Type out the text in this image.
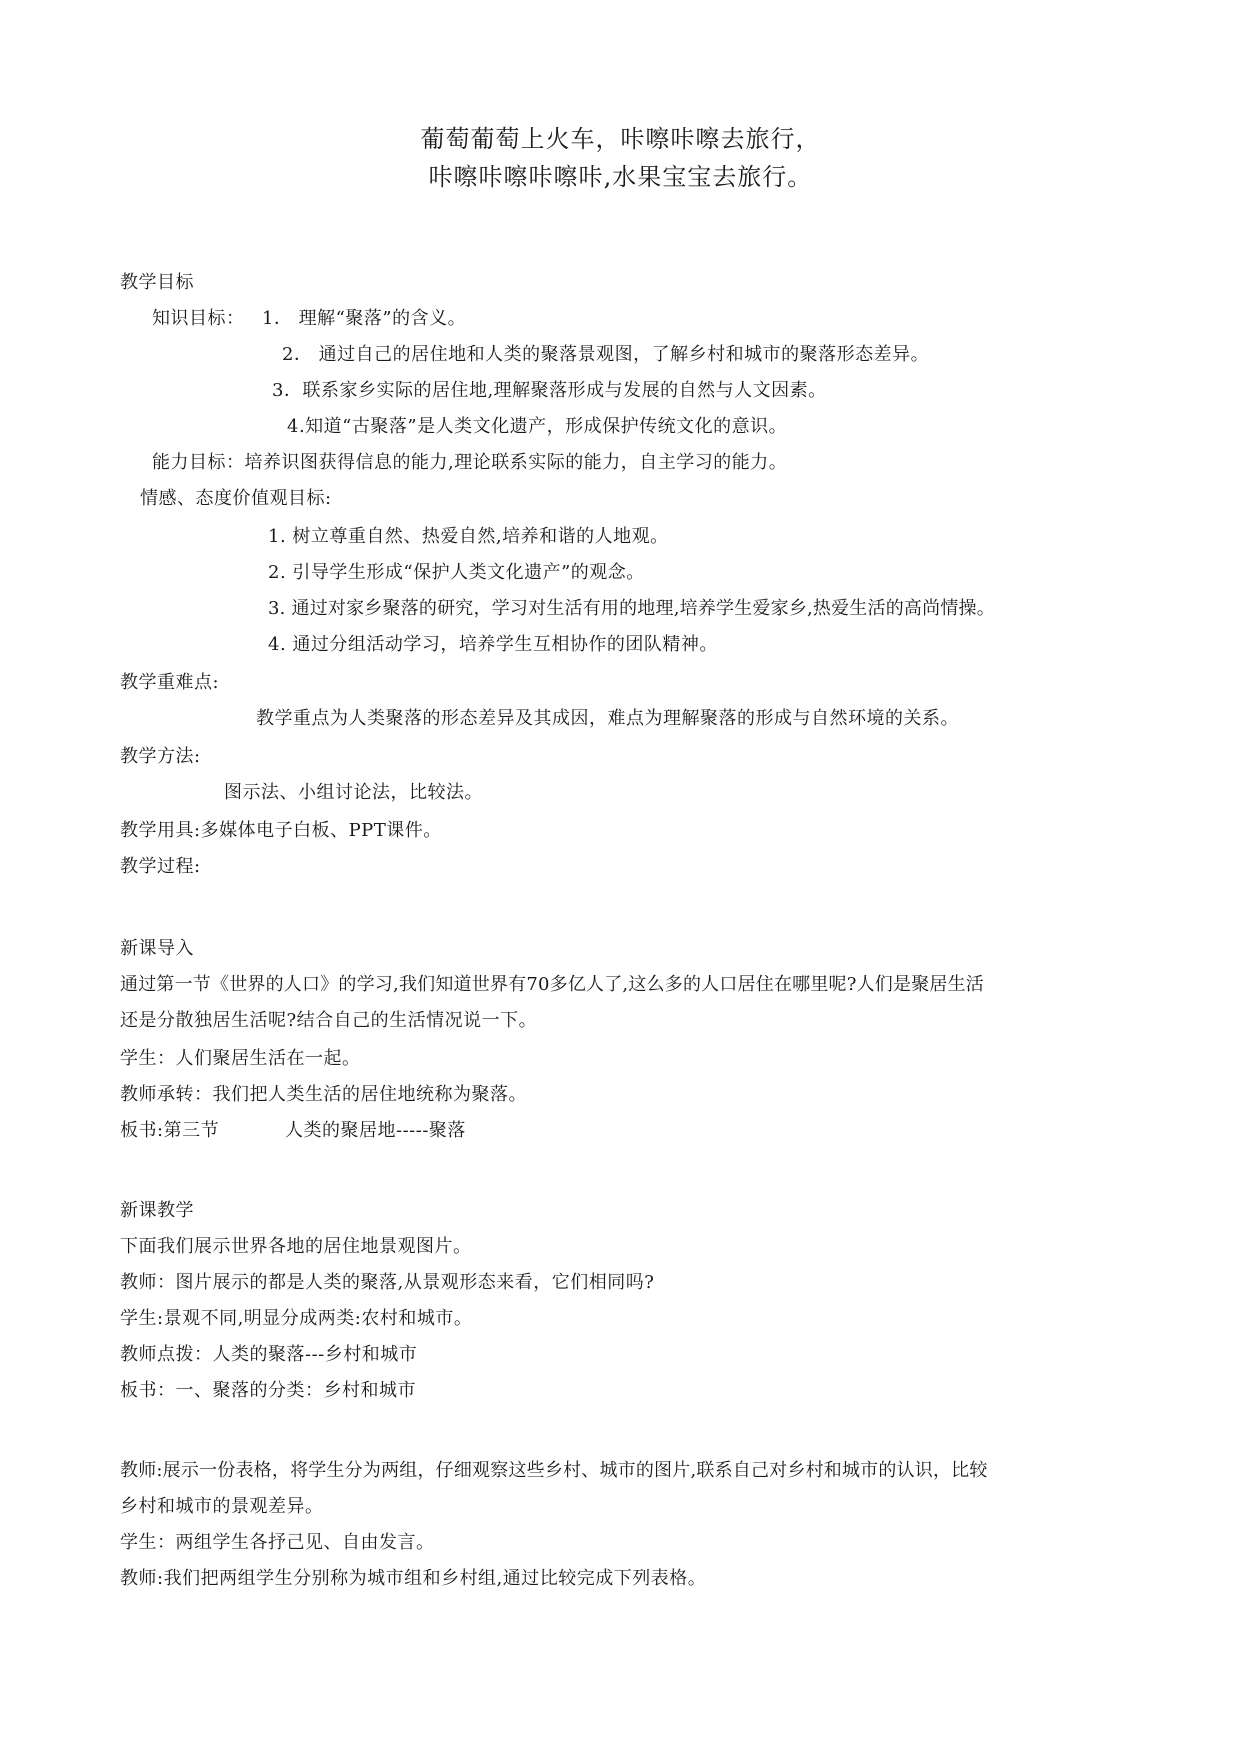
葡萄葡萄上火车，咔嚓咔嚓去旅行，
咔嚓咔嚓咔嚓咔,水果宝宝去旅行。
教学目标
知识目标： 1． 理解“聚落”的含义。
2． 通过自己的居住地和人类的聚落景观图，了解乡村和城市的聚落形态差异。
3．联系家乡实际的居住地,理解聚落形成与发展的自然与人文因素。
4.知道“古聚落”是人类文化遗产，形成保护传统文化的意识。
能力目标：培养识图获得信息的能力,理论联系实际的能力，自主学习的能力。
情感、态度价值观目标:
1. 树立尊重自然、热爱自然,培养和谐的人地观。
2. 引导学生形成“保护人类文化遗产”的观念。
3. 通过对家乡聚落的研究，学习对生活有用的地理,培养学生爱家乡,热爱生活的高尚情操。
4. 通过分组活动学习，培养学生互相协作的团队精神。
教学重难点:
教学重点为人类聚落的形态差异及其成因，难点为理解聚落的形成与自然环境的关系。
教学方法:
图示法、小组讨论法，比较法。
教学用具:多媒体电子白板、PPT课件。
教学过程:
新课导入
通过第一节《世界的人口》的学习,我们知道世界有70多亿人了,这么多的人口居住在哪里呢?人们是聚居生活
还是分散独居生活呢?结合自己的生活情况说一下。
学生：人们聚居生活在一起。
教师承转：我们把人类生活的居住地统称为聚落。
板书:第三节	人类的聚居地-----聚落
新课教学
下面我们展示世界各地的居住地景观图片。
教师：图片展示的都是人类的聚落,从景观形态来看，它们相同吗?
学生:景观不同,明显分成两类:农村和城市。
教师点拨：人类的聚落---乡村和城市
板书：一、聚落的分类：乡村和城市
教师:展示一份表格，将学生分为两组，仔细观察这些乡村、城市的图片,联系自己对乡村和城市的认识，比较
乡村和城市的景观差异。
学生：两组学生各抒己见、自由发言。
教师:我们把两组学生分别称为城市组和乡村组,通过比较完成下列表格。
